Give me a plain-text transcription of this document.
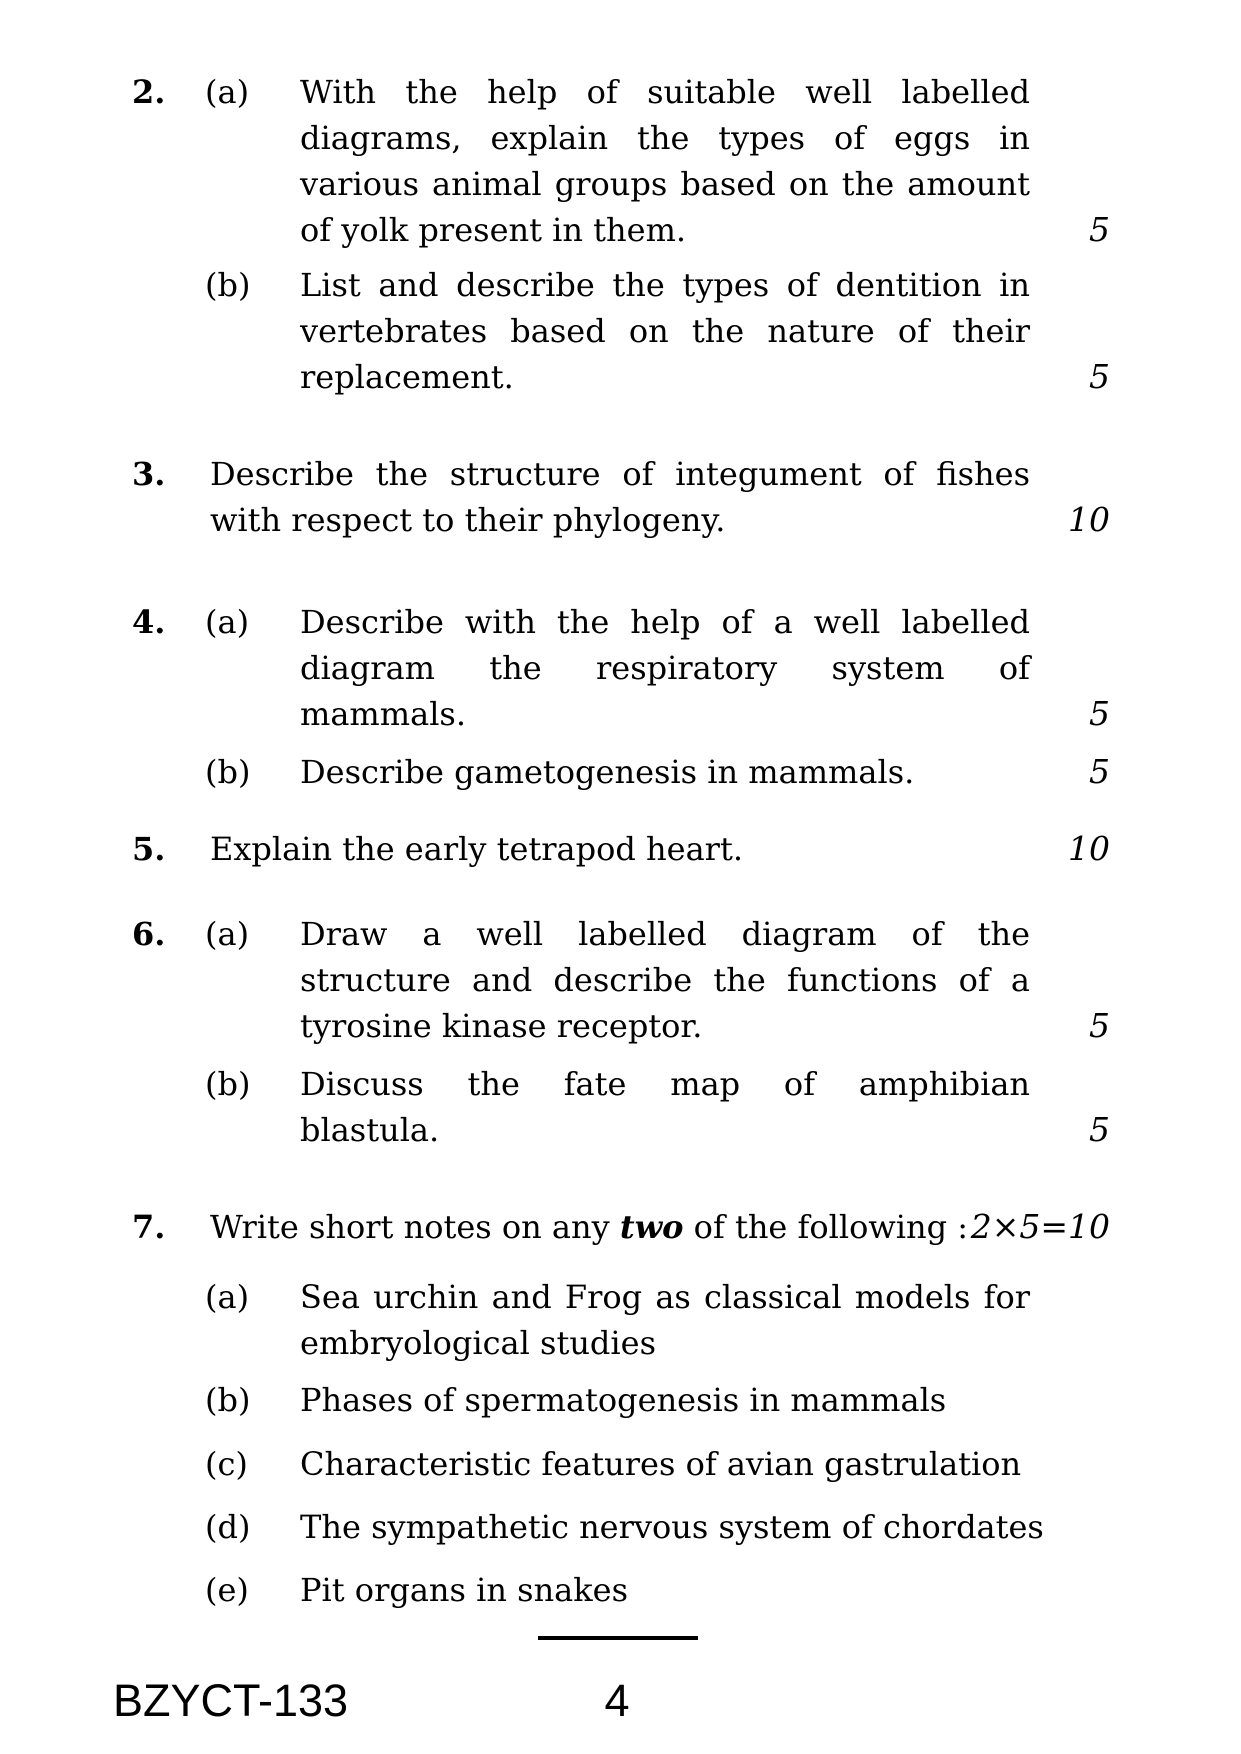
2. (a) With the help of suitable well labelled
diagrams, explain the types of eggs in
various animal groups based on the amount
of yolk present in them.	5
(b) List and describe the types of dentition in
vertebrates based on the nature of their
replacement.	5
3. Describe the structure of integument of fishes
with respect to their phylogeny.	10
4. (a) Describe with the help of a well labelled
diagram the respiratory system of
mammals.	5
(b) Describe gametogenesis in mammals.	5
5. Explain the early tetrapod heart.	10
6. (a) Draw a well labelled diagram of the
structure and describe the functions of a
tyrosine kinase receptor.	5
(b) Discuss the fate map of amphibian
blastula.	5
7. Write short notes on any two of the following : 2×5=10
(a) Sea urchin and Frog as classical models for
embryological studies
(b) Phases of spermatogenesis in mammals
(c) Characteristic features of avian gastrulation
(d) The sympathetic nervous system of chordates
(e) Pit organs in snakes
BZYCT-133	4
